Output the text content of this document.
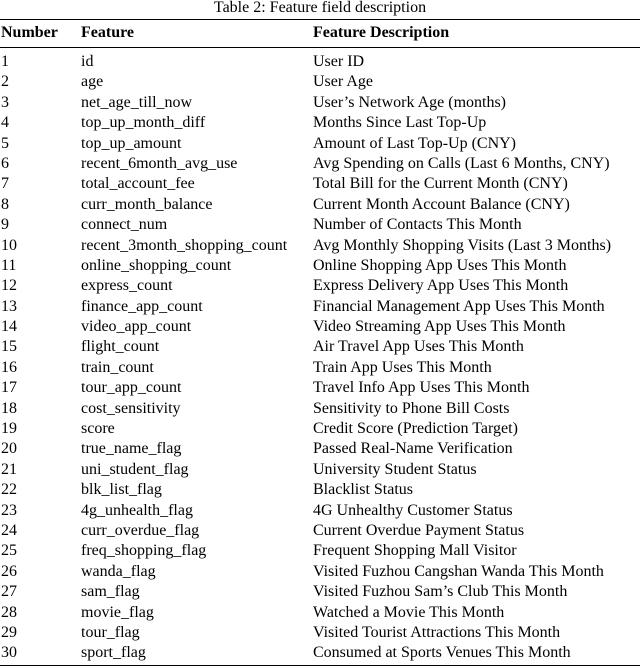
Table 2: Feature field description
Number Feature	Feature Description
1	id	User ID
2	age	User Age
3	net_age_till_now	User’s Network Age (months)
4	top_up_month_diff	Months Since Last Top-Up
5	top_up_amount	Amount of Last Top-Up (CNY)
6	recent_6month_avg_use	Avg Spending on Calls (Last 6 Months, CNY)
7	total_account_fee	Total Bill for the Current Month (CNY)
8	curr_month_balance	Current Month Account Balance (CNY)
9	connect_num	Number of Contacts This Month
10	recent_3month_shopping_count Avg Monthly Shopping Visits (Last 3 Months)
11	online_shopping_count	Online Shopping App Uses This Month
12	express_count	Express Delivery App Uses This Month
13	finance_app_count	Financial Management App Uses This Month
14	video_app_count	Video Streaming App Uses This Month
15	flight_count	Air Travel App Uses This Month
16	train_count	Train App Uses This Month
17	tour_app_count	Travel Info App Uses This Month
18	cost_sensitivity	Sensitivity to Phone Bill Costs
19	score	Credit Score (Prediction Target)
20	true_name_flag	Passed Real-Name Verification
21	uni_student_flag	University Student Status
22	blk_list_flag	Blacklist Status
23	4g_unhealth_flag	4G Unhealthy Customer Status
24	curr_overdue_flag	Current Overdue Payment Status
25	freq_shopping_flag	Frequent Shopping Mall Visitor
26	wanda_flag	Visited Fuzhou Cangshan Wanda This Month
27	sam_flag	Visited Fuzhou Sam’s Club This Month
28	movie_flag	Watched a Movie This Month
29	tour_flag	Visited Tourist Attractions This Month
30	sport_flag	Consumed at Sports Venues This Month
